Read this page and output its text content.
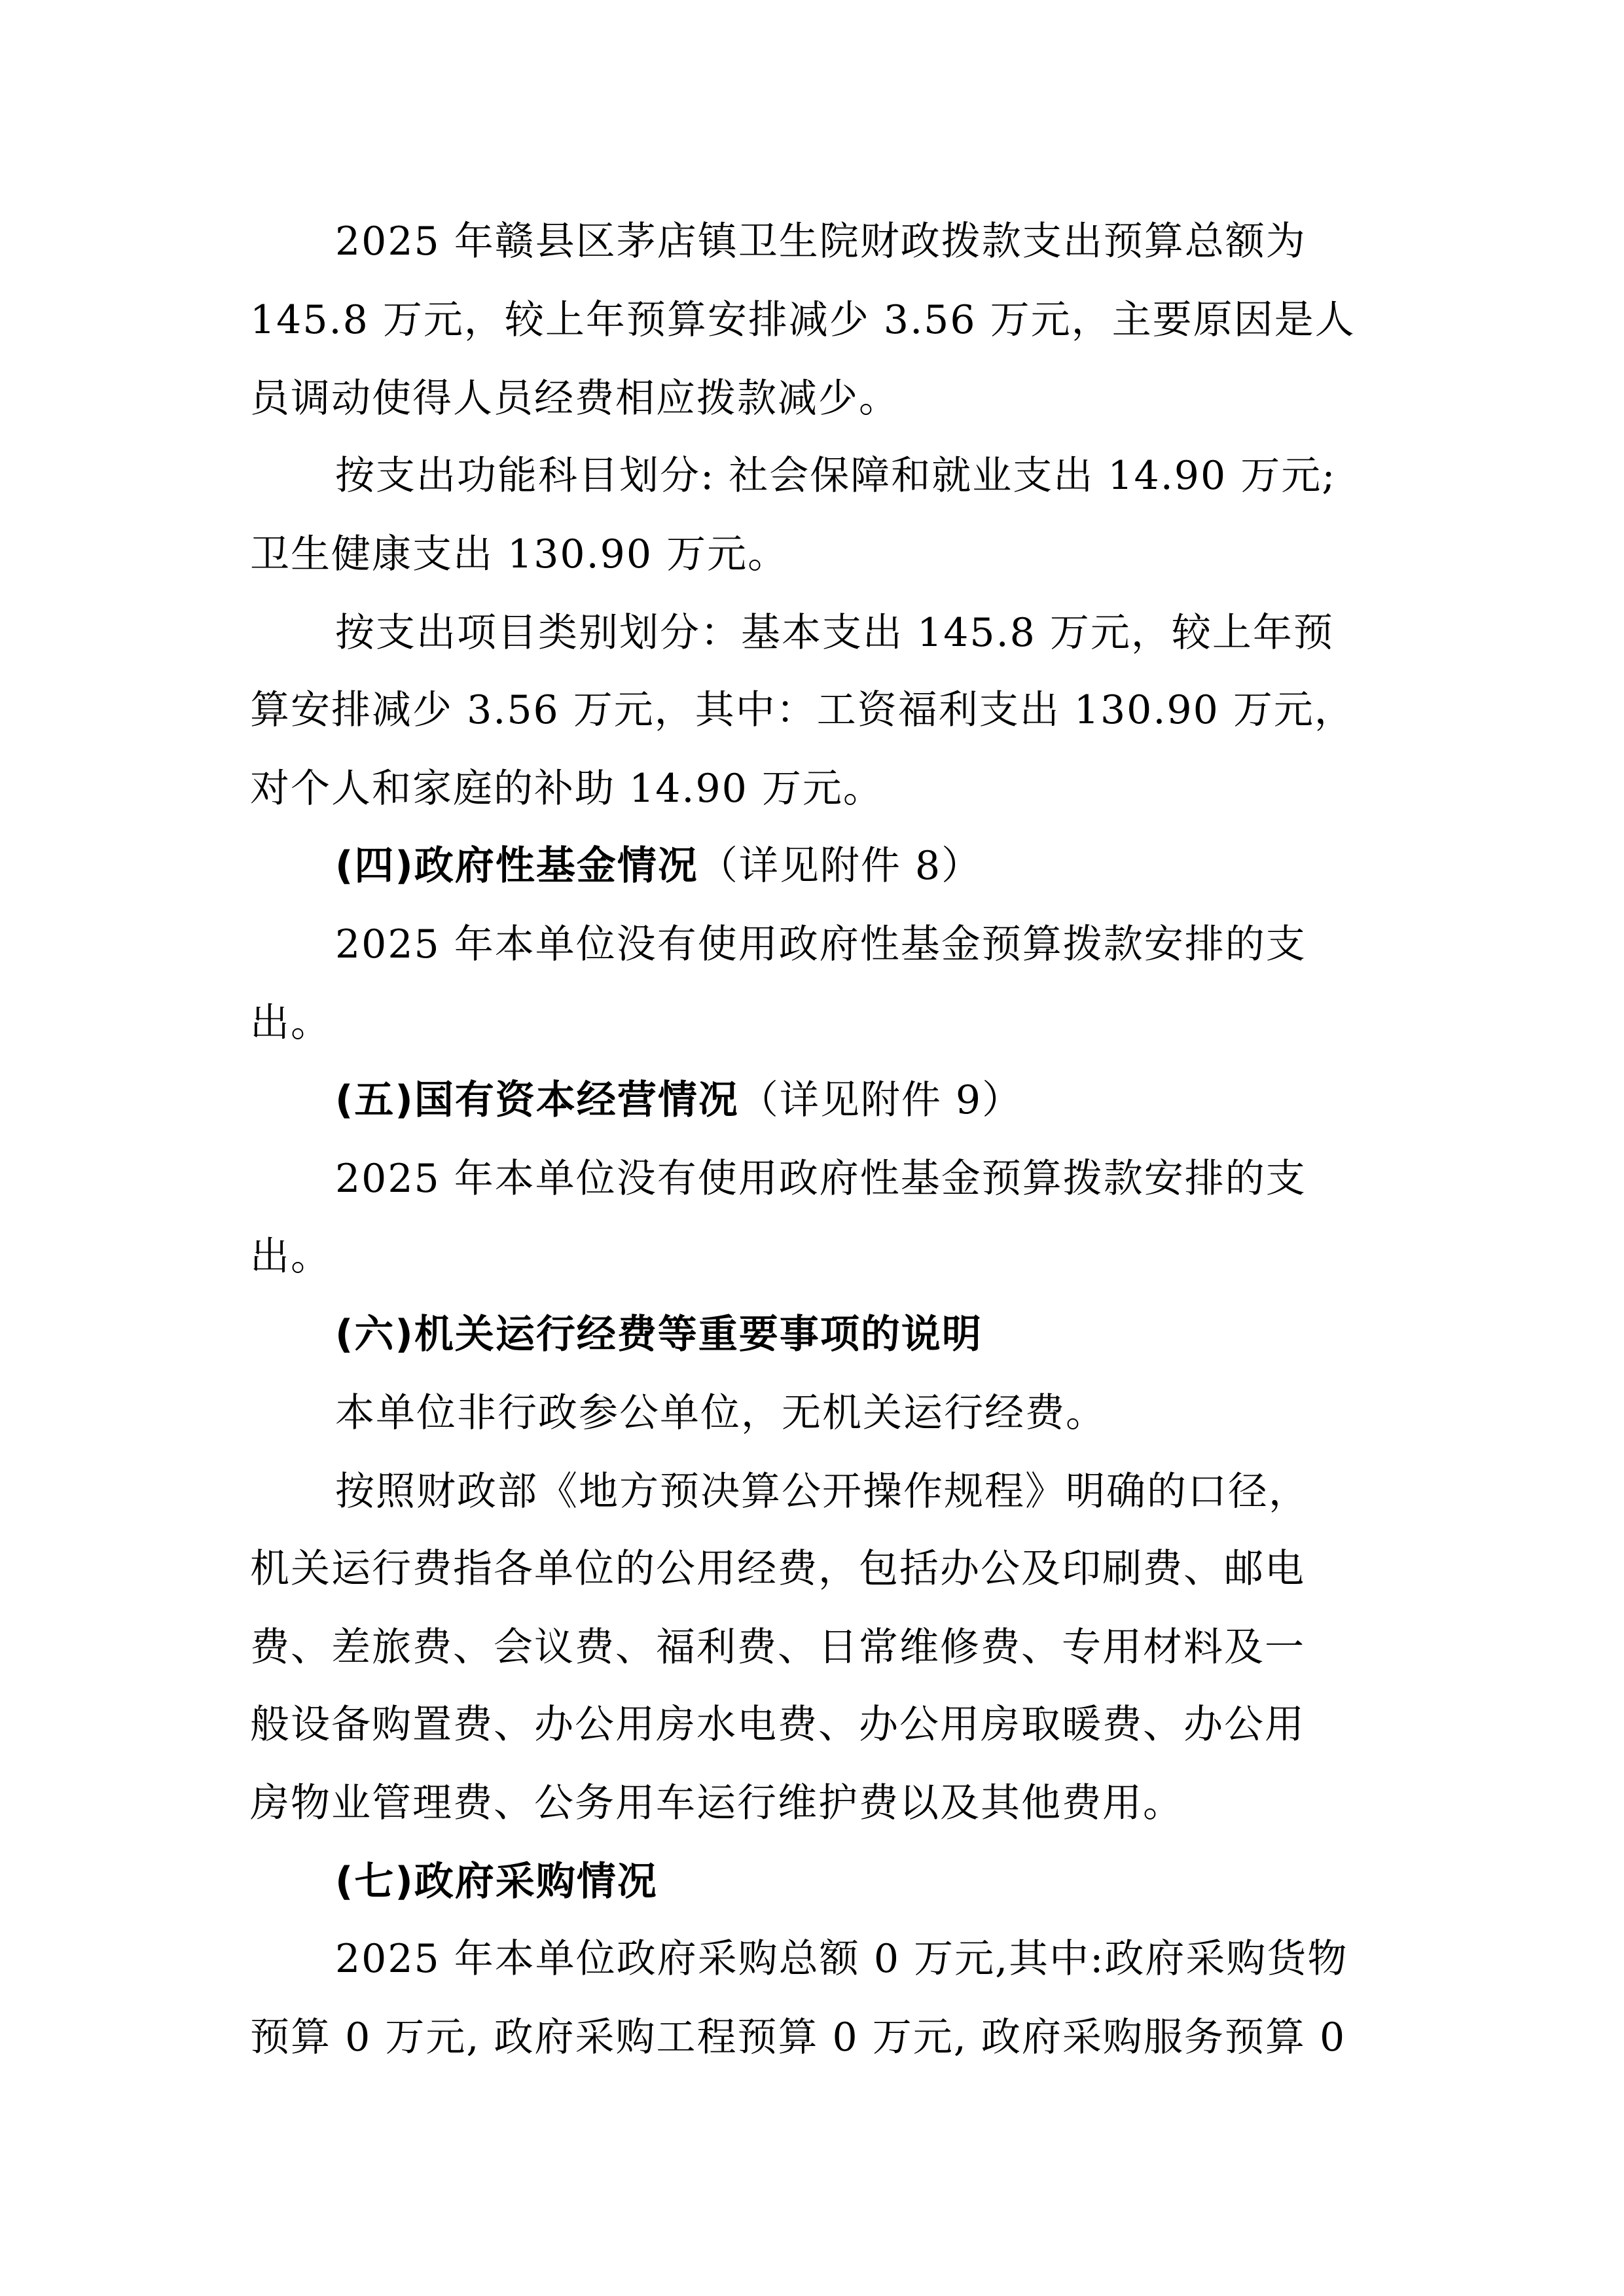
2025 年赣县区茅店镇卫生院财政拨款支出预算总额为
145.8 万元，较上年预算安排减少 3.56 万元，主要原因是人
员调动使得人员经费相应拨款减少。
按支出功能科目划分: 社会保障和就业支出 14.90 万元;
卫生健康支出 130.90 万元。
按支出项目类别划分：基本支出 145.8 万元，较上年预
算安排减少 3.56 万元，其中：工资福利支出 130.90 万元，
对个人和家庭的补助 14.90 万元。
(四)政府性基金情况（详见附件 8）
2025 年本单位没有使用政府性基金预算拨款安排的支
出。
(五)国有资本经营情况（详见附件 9）
2025 年本单位没有使用政府性基金预算拨款安排的支
出。
(六)机关运行经费等重要事项的说明
本单位非行政参公单位，无机关运行经费。
按照财政部《地方预决算公开操作规程》明确的口径，
机关运行费指各单位的公用经费，包括办公及印刷费、邮电
费、差旅费、会议费、福利费、日常维修费、专用材料及一
般设备购置费、办公用房水电费、办公用房取暖费、办公用
房物业管理费、公务用车运行维护费以及其他费用。
(七)政府采购情况
2025 年本单位政府采购总额 0 万元,其中:政府采购货物
预算 0 万元, 政府采购工程预算 0 万元, 政府采购服务预算 0
